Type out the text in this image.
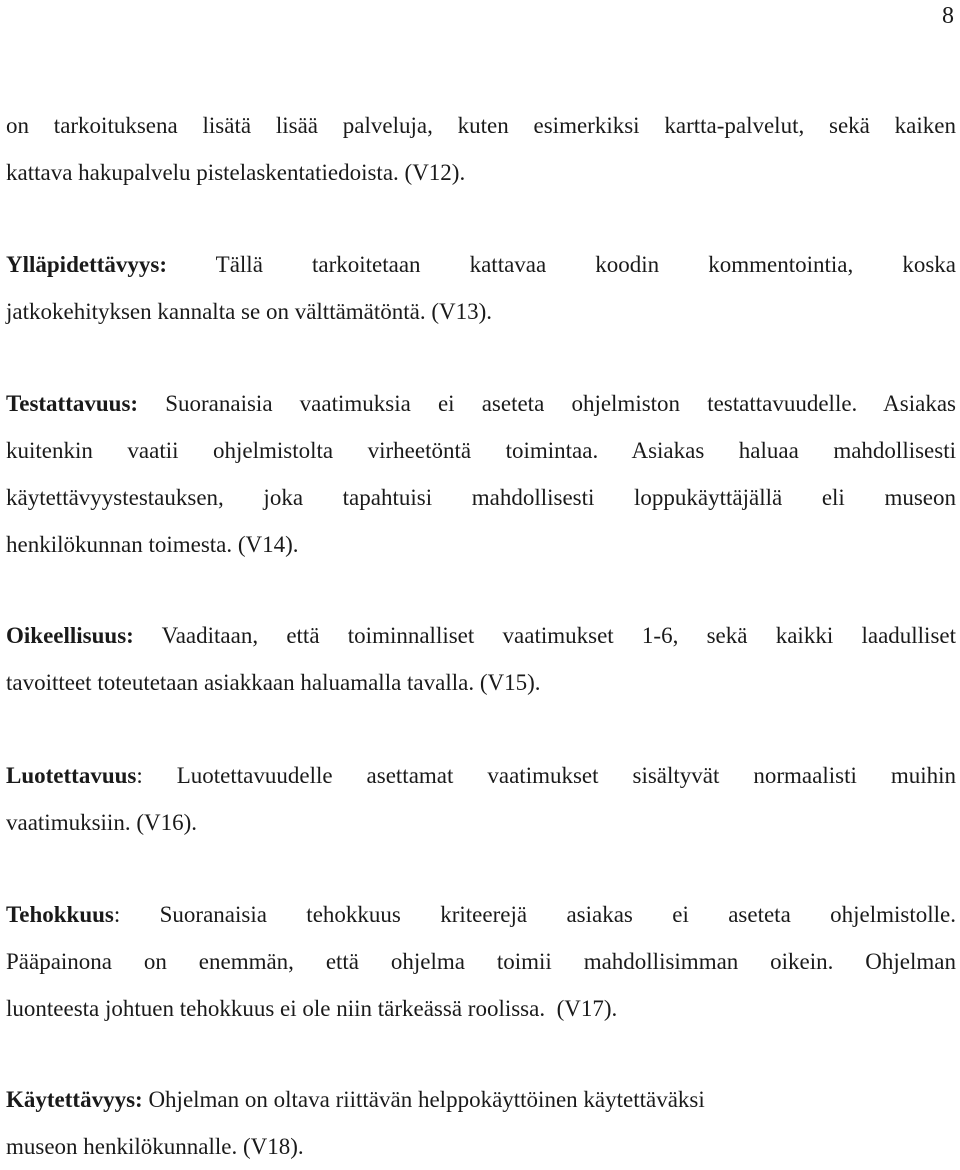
8
on tarkoituksena lisätä lisää palveluja, kuten esimerkiksi kartta-palvelut, sekä kaiken
kattava hakupalvelu pistelaskentatiedoista. (V12).
Ylläpidettävyys: Tällä tarkoitetaan kattavaa koodin kommentointia, koska
jatkokehityksen kannalta se on välttämätöntä. (V13).
Testattavuus: Suoranaisia vaatimuksia ei aseteta ohjelmiston testattavuudelle. Asiakas
kuitenkin vaatii ohjelmistolta virheetöntä toimintaa. Asiakas haluaa mahdollisesti
käytettävyystestauksen, joka tapahtuisi mahdollisesti loppukäyttäjällä eli museon
henkilökunnan toimesta. (V14).
Oikeellisuus: Vaaditaan, että toiminnalliset vaatimukset 1-6, sekä kaikki laadulliset
tavoitteet toteutetaan asiakkaan haluamalla tavalla. (V15).
Luotettavuus: Luotettavuudelle asettamat vaatimukset sisältyvät normaalisti muihin
vaatimuksiin. (V16).
Tehokkuus: Suoranaisia tehokkuus kriteerejä asiakas ei aseteta ohjelmistolle.
Pääpainona on enemmän, että ohjelma toimii mahdollisimman oikein. Ohjelman
luonteesta johtuen tehokkuus ei ole niin tärkeässä roolissa.  (V17).
Käytettävyys: Ohjelman on oltava riittävän helppokäyttöinen käytettäväksi
museon henkilökunnalle. (V18).
